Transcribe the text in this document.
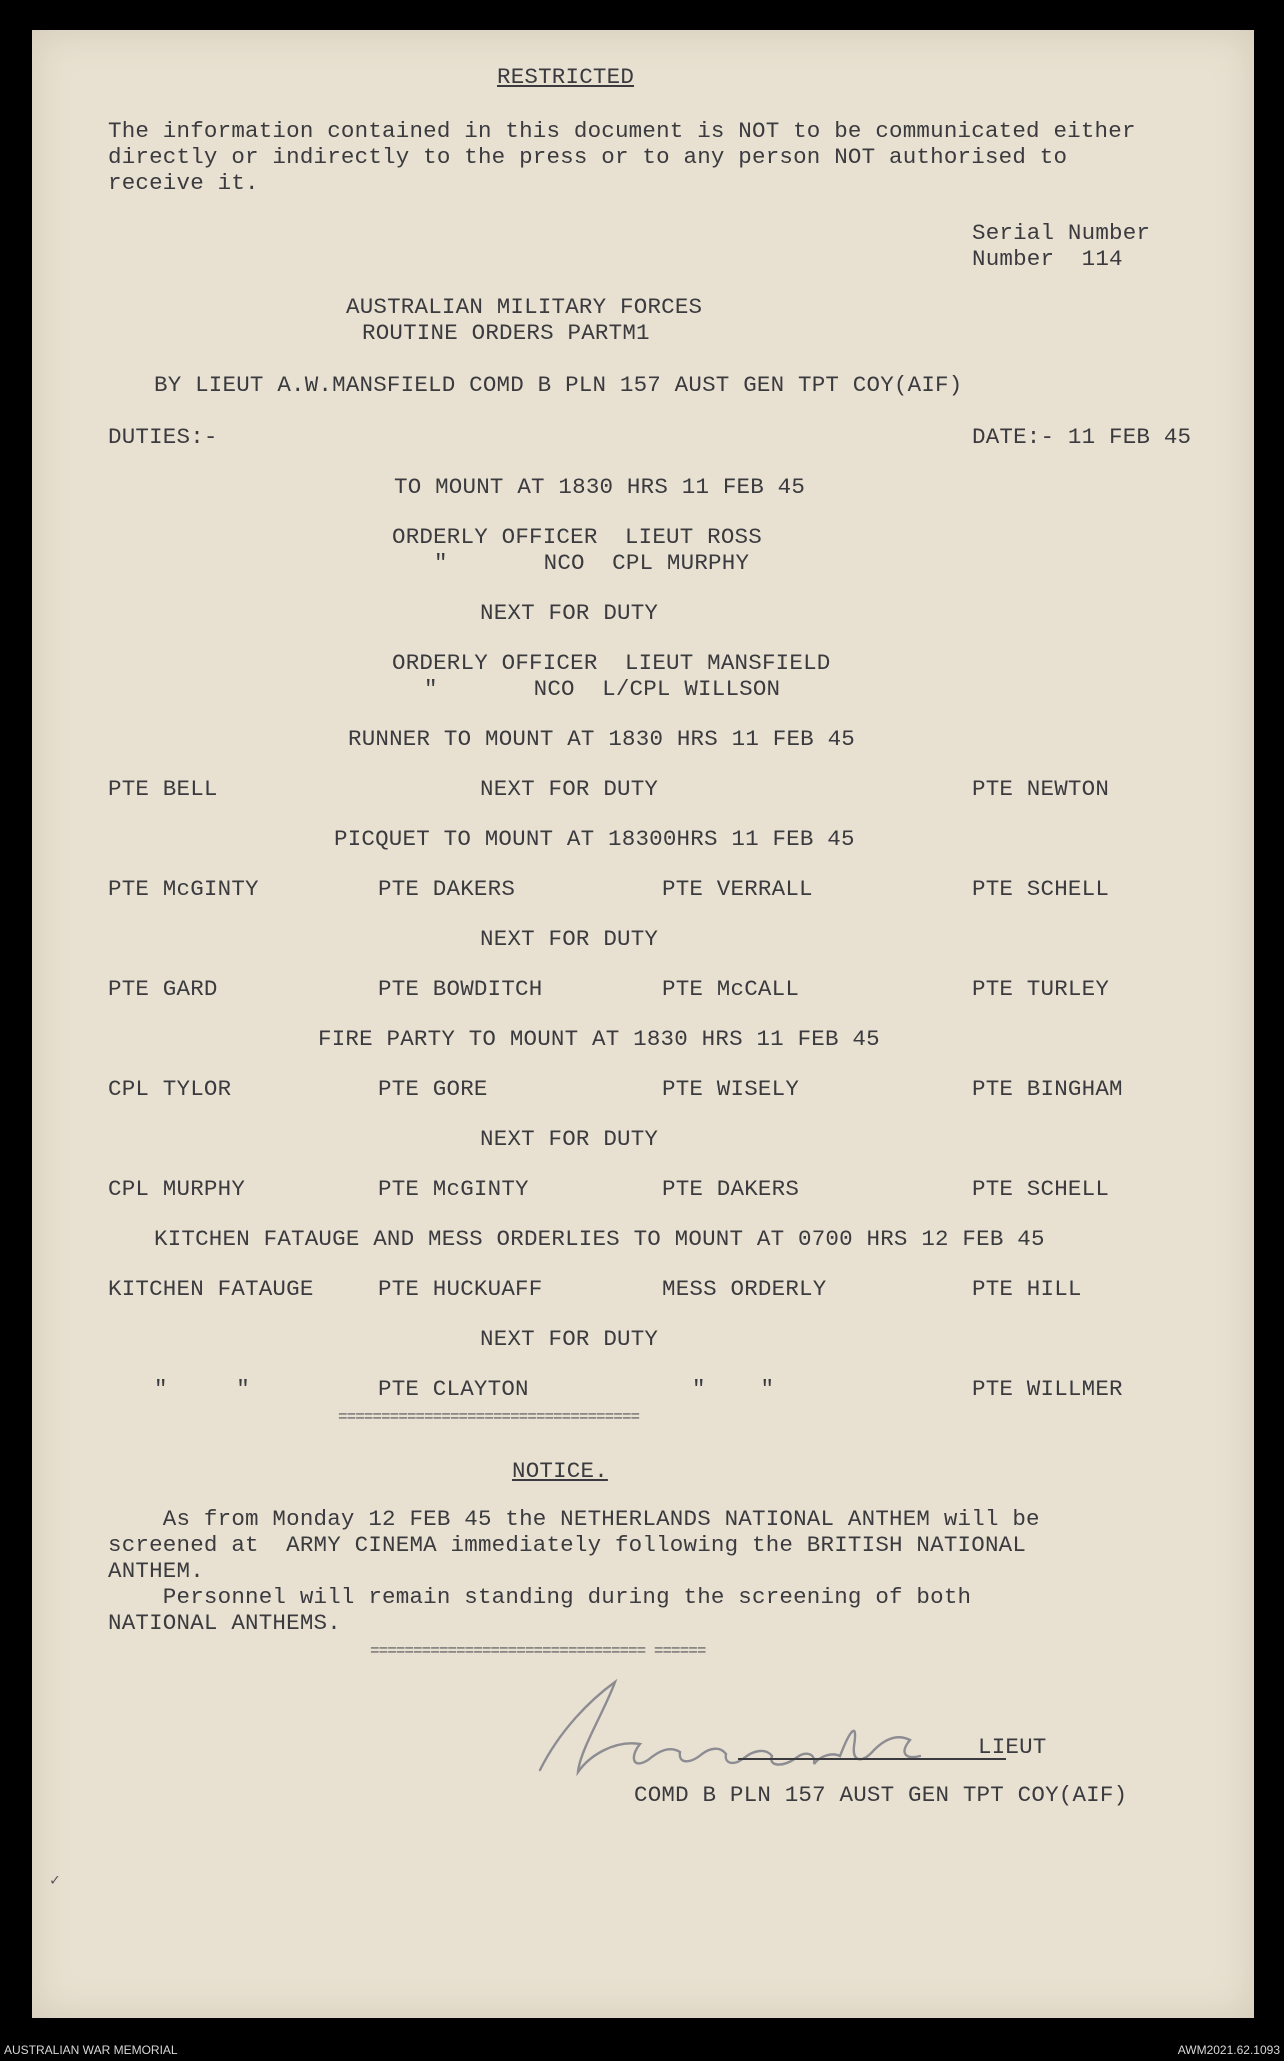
RESTRICTED
The information contained in this document is NOT to be communicated either
directly or indirectly to the press or to any person NOT authorised to
receive it.
Serial Number
Number  114
AUSTRALIAN MILITARY FORCES
ROUTINE ORDERS PARTM1
BY LIEUT A.W.MANSFIELD COMD B PLN 157 AUST GEN TPT COY(AIF)
DUTIES:-	DATE:- 11 FEB 45
TO MOUNT AT 1830 HRS 11 FEB 45
ORDERLY OFFICER  LIEUT ROSS
"       NCO  CPL MURPHY
NEXT FOR DUTY
ORDERLY OFFICER  LIEUT MANSFIELD
"       NCO  L/CPL WILLSON
RUNNER TO MOUNT AT 1830 HRS 11 FEB 45
PTE BELL	NEXT FOR DUTY	PTE NEWTON
PICQUET TO MOUNT AT 18300HRS 11 FEB 45
PTE McGINTY	PTE DAKERS	PTE VERRALL	PTE SCHELL
NEXT FOR DUTY
PTE GARD	PTE BOWDITCH	PTE McCALL	PTE TURLEY
FIRE PARTY TO MOUNT AT 1830 HRS 11 FEB 45
CPL TYLOR	PTE GORE	PTE WISELY	PTE BINGHAM
NEXT FOR DUTY
CPL MURPHY	PTE McGINTY	PTE DAKERS	PTE SCHELL
KITCHEN FATAUGE AND MESS ORDERLIES TO MOUNT AT 0700 HRS 12 FEB 45
KITCHEN FATAUGE	PTE HUCKUAFF	MESS ORDERLY	PTE HILL
NEXT FOR DUTY
"     "	PTE CLAYTON	"    "	PTE WILLMER
===================================
NOTICE.
As from Monday 12 FEB 45 the NETHERLANDS NATIONAL ANTHEM will be
screened at  ARMY CINEMA immediately following the BRITISH NATIONAL
ANTHEM.
Personnel will remain standing during the screening of both
NATIONAL ANTHEMS.
================================ ======
LIEUT
COMD B PLN 157 AUST GEN TPT COY(AIF)
✓
AUSTRALIAN WAR MEMORIAL	AWM2021.62.1093
